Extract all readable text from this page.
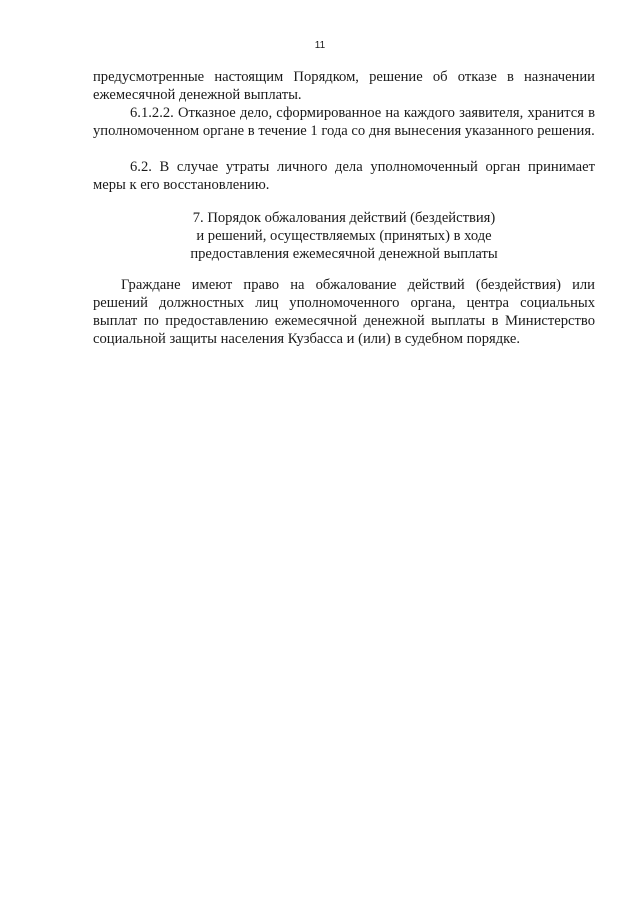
11

предусмотренные настоящим Порядком, решение об отказе в назначении ежемесячной денежной выплаты.

6.1.2.2. Отказное дело, сформированное на каждого заявителя, хранится в уполномоченном органе в течение 1 года со дня вынесения указанного решения.

6.2. В случае утраты личного дела уполномоченный орган принимает меры к его восстановлению.

7. Порядок обжалования действий (бездействия)
и решений, осуществляемых (принятых) в ходе
предоставления ежемесячной денежной выплаты

Граждане имеют право на обжалование действий (бездействия) или решений должностных лиц уполномоченного органа, центра социальных выплат по предоставлению ежемесячной денежной выплаты в Министерство социальной защиты населения Кузбасса и (или) в судебном порядке.
